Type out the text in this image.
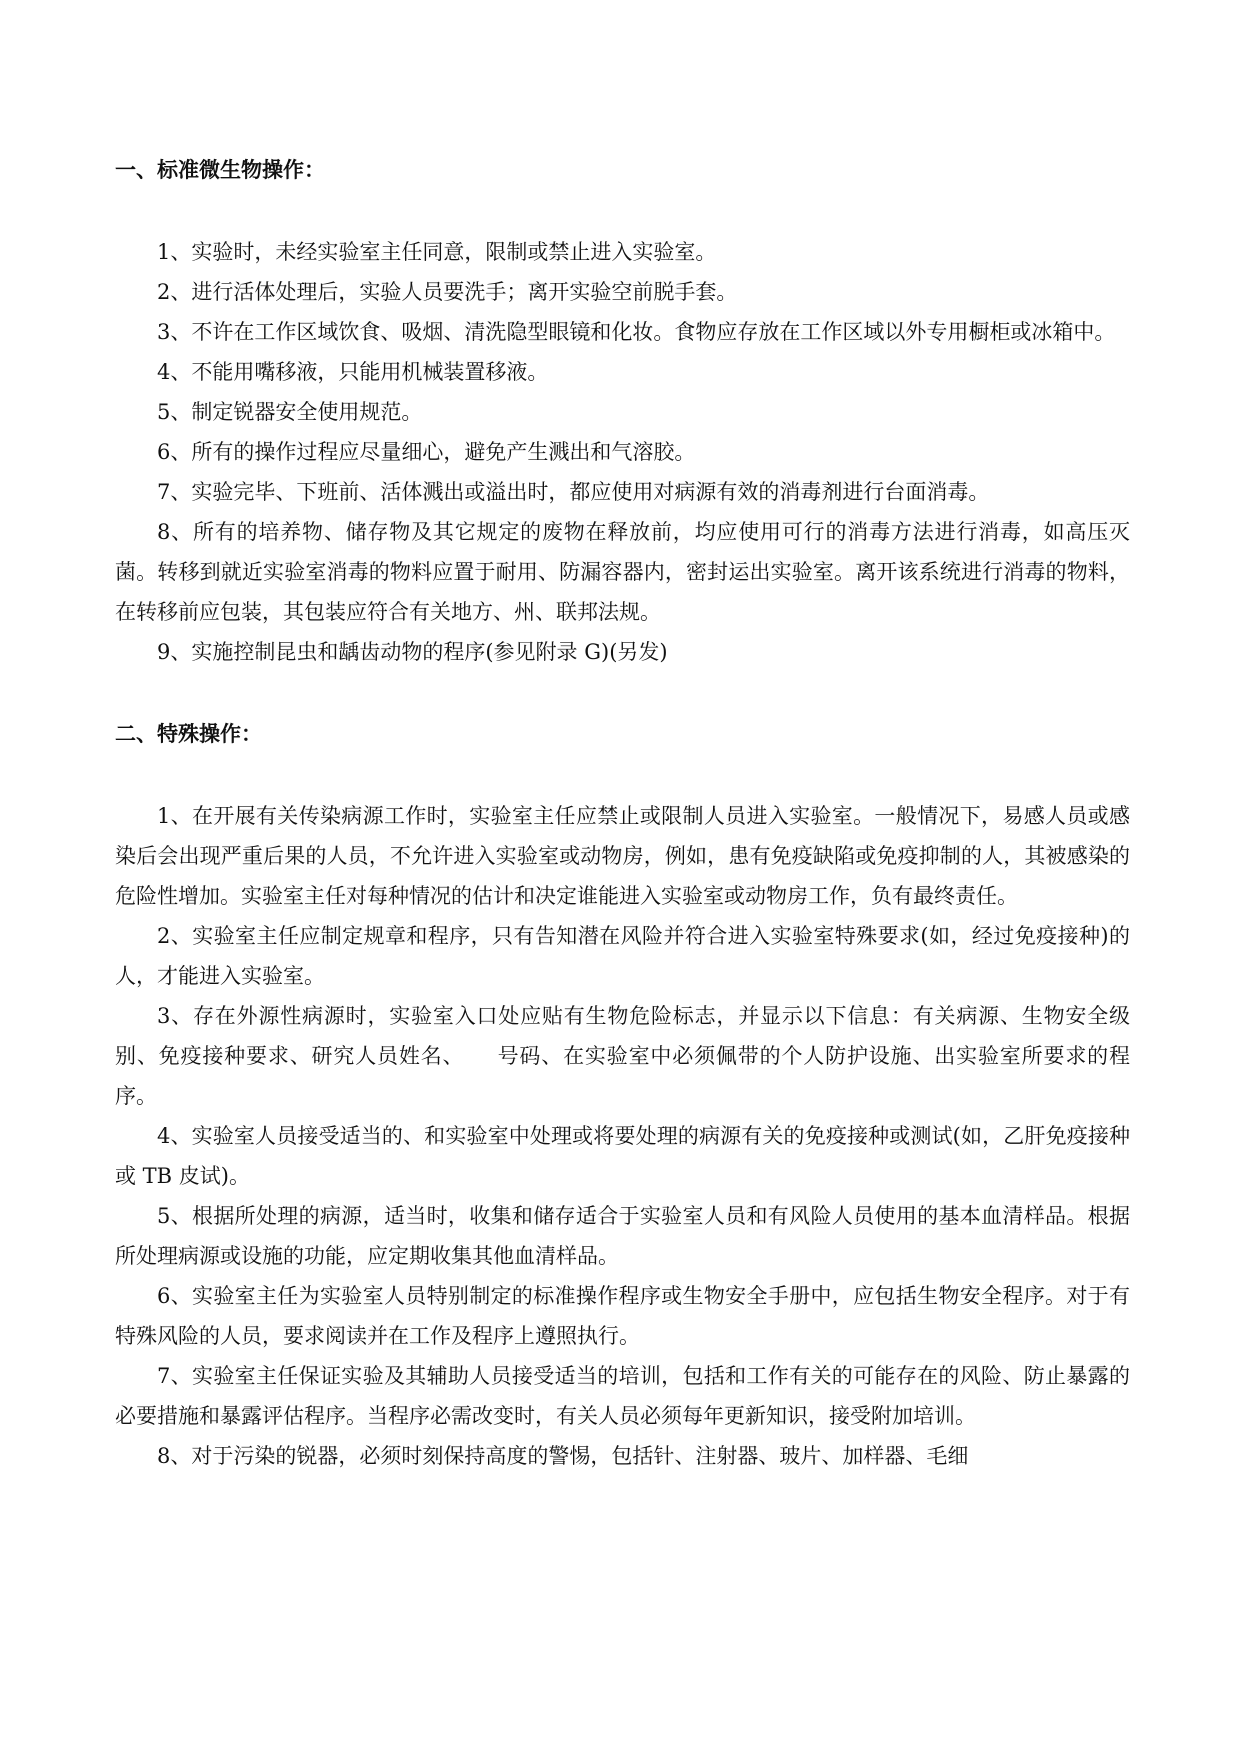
一、标准微生物操作：

1、实验时，未经实验室主任同意，限制或禁止进入实验室。

2、进行活体处理后，实验人员要洗手；离开实验空前脱手套。

3、不许在工作区域饮食、吸烟、清洗隐型眼镜和化妆。食物应存放在工作区域以外专用橱柜或冰箱中。

4、不能用嘴移液，只能用机械装置移液。

5、制定锐器安全使用规范。

6、所有的操作过程应尽量细心，避免产生溅出和气溶胶。

7、实验完毕、下班前、活体溅出或溢出时，都应使用对病源有效的消毒剂进行台面消毒。

8、所有的培养物、储存物及其它规定的废物在释放前，均应使用可行的消毒方法进行消毒，如高压灭菌。转移到就近实验室消毒的物料应置于耐用、防漏容器内，密封运出实验室。离开该系统进行消毒的物料，在转移前应包装，其包装应符合有关地方、州、联邦法规。

9、实施控制昆虫和龋齿动物的程序(参见附录 G)(另发)

二、特殊操作：

1、在开展有关传染病源工作时，实验室主任应禁止或限制人员进入实验室。一般情况下，易感人员或感染后会出现严重后果的人员，不允许进入实验室或动物房，例如，患有免疫缺陷或免疫抑制的人，其被感染的危险性增加。实验室主任对每种情况的估计和决定谁能进入实验室或动物房工作，负有最终责任。

2、实验室主任应制定规章和程序，只有告知潜在风险并符合进入实验室特殊要求(如，经过免疫接种)的人，才能进入实验室。

3、存在外源性病源时，实验室入口处应贴有生物危险标志，并显示以下信息：有关病源、生物安全级别、免疫接种要求、研究人员姓名、　　号码、在实验室中必须佩带的个人防护设施、出实验室所要求的程序。

4、实验室人员接受适当的、和实验室中处理或将要处理的病源有关的免疫接种或测试(如，乙肝免疫接种或 TB 皮试)。

5、根据所处理的病源，适当时，收集和储存适合于实验室人员和有风险人员使用的基本血清样品。根据所处理病源或设施的功能，应定期收集其他血清样品。

6、实验室主任为实验室人员特别制定的标准操作程序或生物安全手册中，应包括生物安全程序。对于有特殊风险的人员，要求阅读并在工作及程序上遵照执行。

7、实验室主任保证实验及其辅助人员接受适当的培训，包括和工作有关的可能存在的风险、防止暴露的必要措施和暴露评估程序。当程序必需改变时，有关人员必须每年更新知识，接受附加培训。

8、对于污染的锐器，必须时刻保持高度的警惕，包括针、注射器、玻片、加样器、毛细
